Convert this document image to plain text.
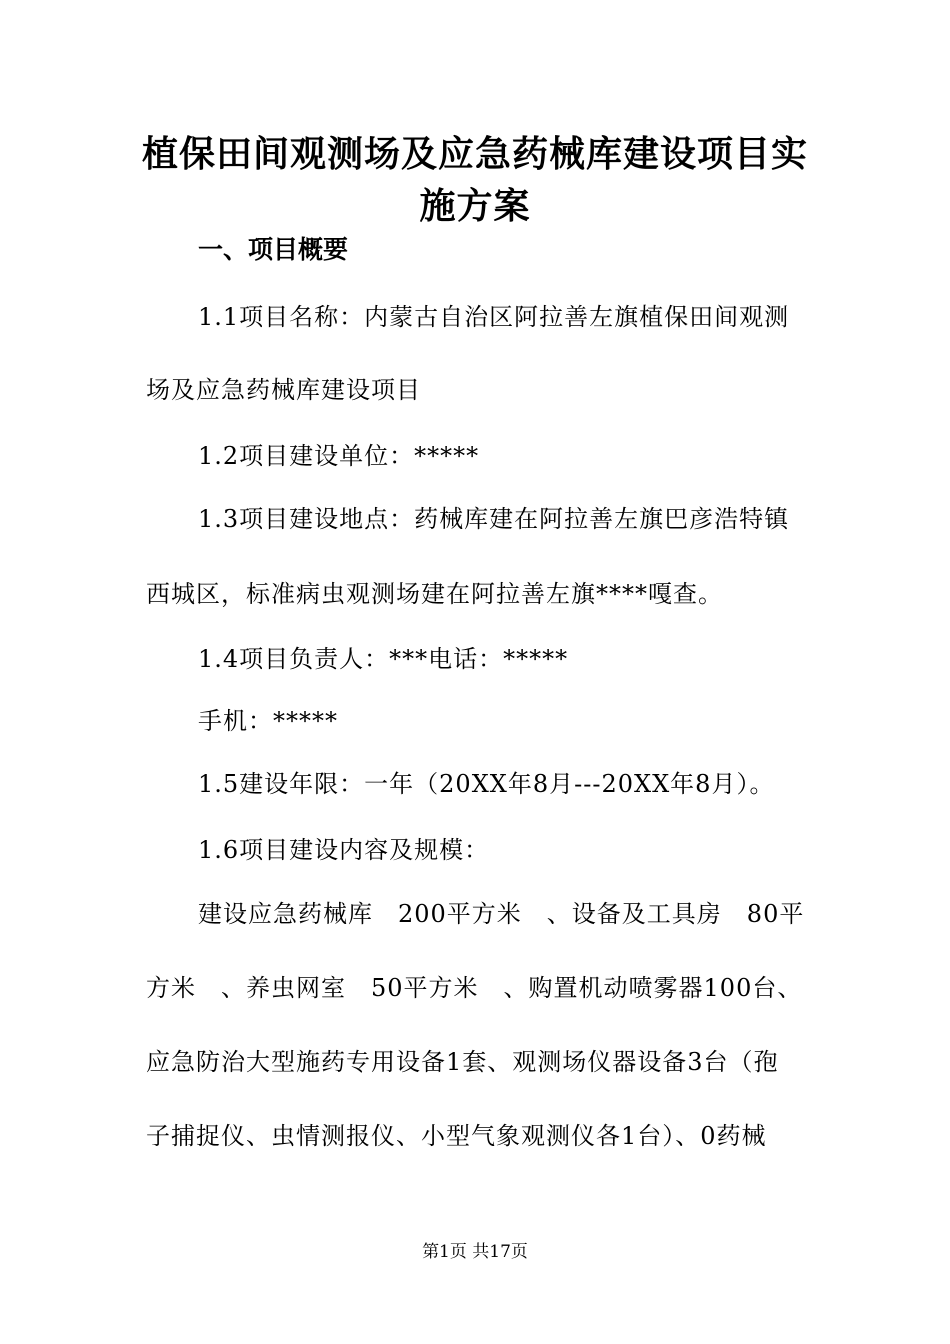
植保田间观测场及应急药械库建设项目实
施方案
一、项目概要
1.1项目名称：内蒙古自治区阿拉善左旗植保田间观测
场及应急药械库建设项目
1.2项目建设单位：*****
1.3项目建设地点：药械库建在阿拉善左旗巴彦浩特镇
西城区，标准病虫观测场建在阿拉善左旗****嘎查。
1.4项目负责人：***电话：*****
手机：*****
1.5建设年限：一年（20XX年8月---20XX年8月）。
1.6项目建设内容及规模：
建设应急药械库　200平方米　、设备及工具房　80平
方米　、养虫网室　50平方米　、购置机动喷雾器100台、
应急防治大型施药专用设备1套、观测场仪器设备3台（孢
子捕捉仪、虫情测报仪、小型气象观测仪各1台）、0药械
第1页 共17页
